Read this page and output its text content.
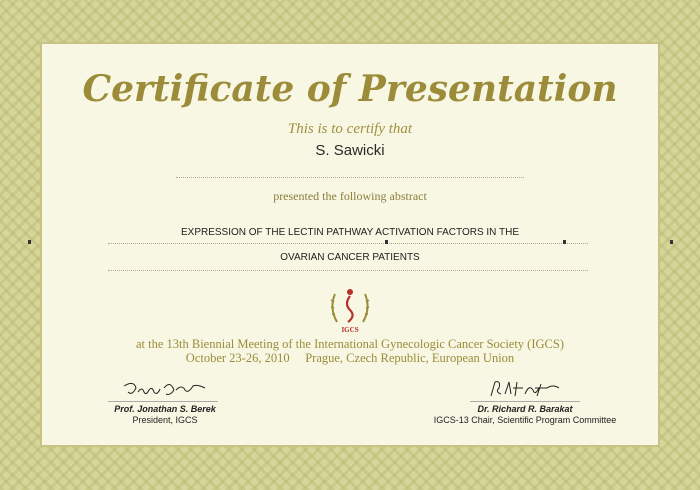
Certificate of Presentation
This is to certify that
S. Sawicki
presented the following abstract
EXPRESSION OF THE LECTIN PATHWAY ACTIVATION FACTORS IN THE
OVARIAN CANCER PATIENTS
IGCS
at the 13th Biennial Meeting of the International Gynecologic Cancer Society (IGCS)
October 23-26, 2010     Prague, Czech Republic, European Union
Prof. Jonathan S. Berek
President, IGCS
Dr. Richard R. Barakat
IGCS-13 Chair, Scientific Program Committee
